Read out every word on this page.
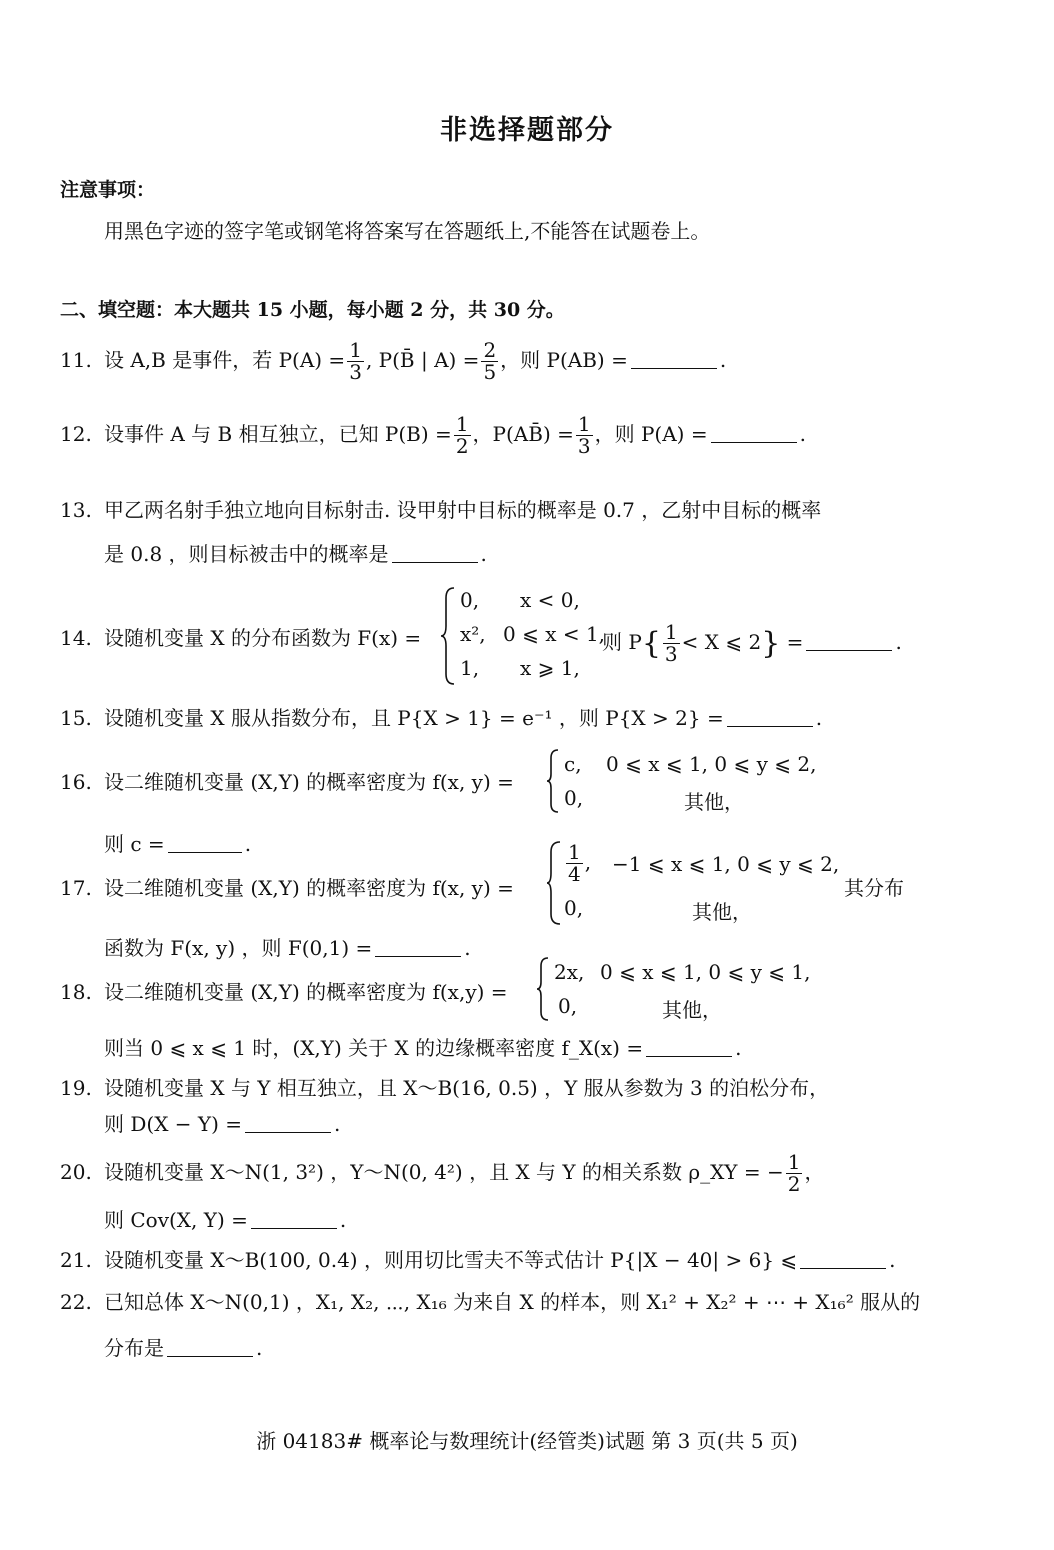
非选择题部分
注意事项：
用黑色字迹的签字笔或钢笔将答案写在答题纸上,不能答在试题卷上。
二、填空题：本大题共 15 小题，每小题 2 分，共 30 分。
11. 设 A,B 是事件，若 $P(A) = \frac{1}{3}$ , P(B̄ | $A) = \frac{2}{5}$ ，则 P(AB) =	.
12. 设事件 A 与 B 相互独立，已知 $P(B) = \frac{1}{2}$ ，P(AB̄) = $\frac{1}{3}$ ，则 P(A) =	.
13. 甲乙两名射手独立地向目标射击. 设甲射中目标的概率是 0.7 ，乙射中目标的概率
是 0.8 ，则目标被击中的概率是	.
14. 设随机变量 X 的分布函数为 F(x) =
0, x < 0,
x², 0 ⩽ x < 1,
1, x ⩾ 1,
则 $P\{ \frac{1}{3} < X$ ⩽ 2} =	.
15. 设随机变量 X 服从指数分布，且 P{X > 1} = e⁻¹ ，则 P{X > 2} =	.
16. 设二维随机变量 (X,Y) 的概率密度为 f(x, y) =
c, 0 ⩽ x ⩽ 1, 0 ⩽ y ⩽ 2,
0,	其他，
则 c =	.
17. 设二维随机变量 (X,Y) 的概率密度为 f(x, y) =
$\frac{1}{4}$ , −1 ⩽ x ⩽ 1, 0 ⩽ y ⩽ 2,
0,	其他，
其分布
函数为 F(x, y) ，则 F(0,1) =	.
18. 设二维随机变量 (X,Y) 的概率密度为 f(x,y) =
2x, 0 ⩽ x ⩽ 1, 0 ⩽ y ⩽ 1,
0,	其他，
则当 0 ⩽ x ⩽ 1 时，(X,Y) 关于 X 的边缘概率密度 f_X(x) =	.
19. 设随机变量 X 与 Y 相互独立，且 X～B(16, 0.5) ，Y 服从参数为 3 的泊松分布，
则 D(X − Y) =	.
20. 设随机变量 X～N(1, 3²) ，Y～N(0, 4²) ，且 X 与 Y 的相关系数 ρ_XY = − $\frac{1}{2}$ ，
则 Cov(X, Y) =	.
21. 设随机变量 X～B(100, 0.4) ，则用切比雪夫不等式估计 P{|X − 40| > 6} ⩽	.
22. 已知总体 X～N(0,1) ，X₁, X₂, ⋯, X₁₆ 为来自 X 的样本，则 X₁² + X₂² + ⋯ + X₁₆² 服从的
分布是	.
浙 04183# 概率论与数理统计(经管类)试题 第 3 页(共 5 页)
